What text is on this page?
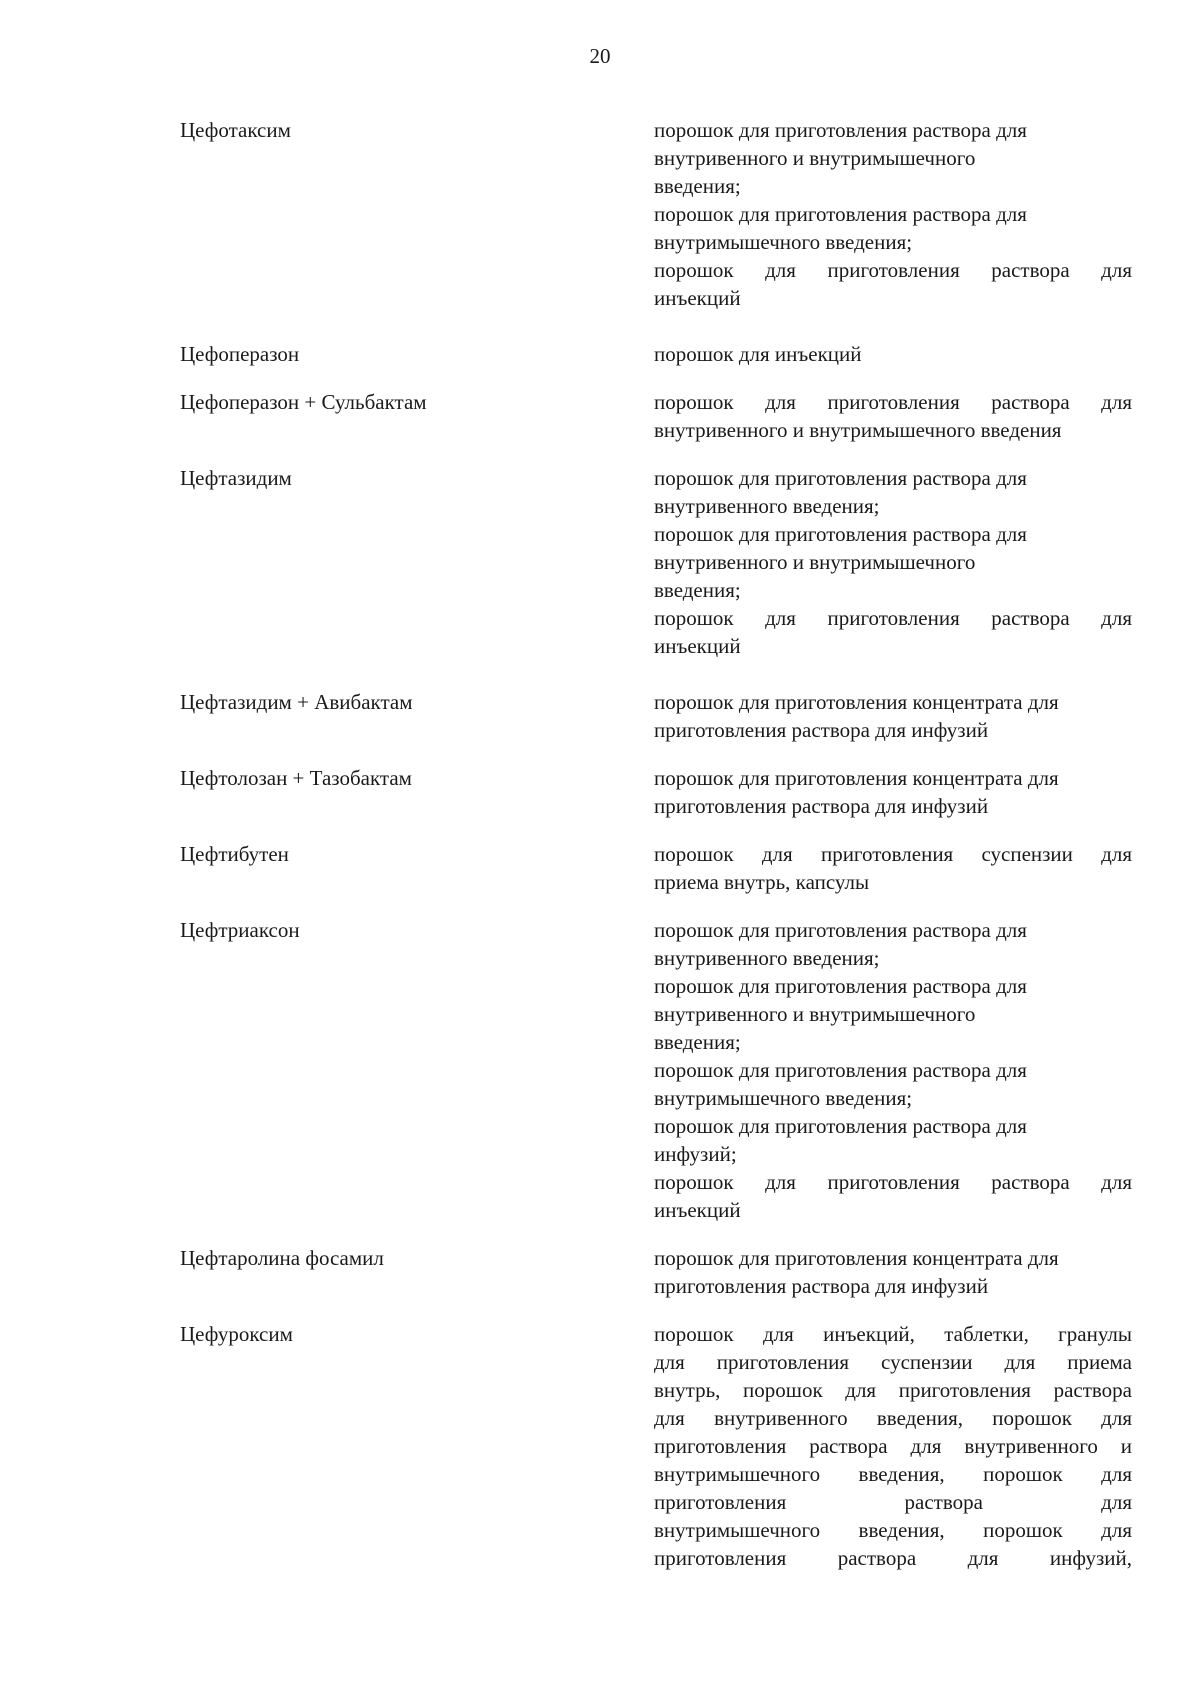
20
Цефотаксим	порошок для приготовления раствора для
внутривенного и внутримышечного
введения;
порошок для приготовления раствора для
внутримышечного введения;
порошок для приготовления раствора для
инъекций
Цефоперазон	порошок для инъекций
Цефоперазон + Сульбактам	порошок для приготовления раствора для
внутривенного и внутримышечного введения
Цефтазидим	порошок для приготовления раствора для
внутривенного введения;
порошок для приготовления раствора для
внутривенного и внутримышечного
введения;
порошок для приготовления раствора для
инъекций
Цефтазидим + Авибактам	порошок для приготовления концентрата для
приготовления раствора для инфузий
Цефтолозан + Тазобактам	порошок для приготовления концентрата для
приготовления раствора для инфузий
Цефтибутен	порошок для приготовления суспензии для
приема внутрь, капсулы
Цефтриаксон	порошок для приготовления раствора для
внутривенного введения;
порошок для приготовления раствора для
внутривенного и внутримышечного
введения;
порошок для приготовления раствора для
внутримышечного введения;
порошок для приготовления раствора для
инфузий;
порошок для приготовления раствора для
инъекций
Цефтаролина фосамил	порошок для приготовления концентрата для
приготовления раствора для инфузий
Цефуроксим	порошок для инъекций, таблетки, гранулы
для приготовления суспензии для приема
внутрь, порошок для приготовления раствора
для внутривенного введения, порошок для
приготовления раствора для внутривенного и
внутримышечного введения, порошок для
приготовления раствора для
внутримышечного введения, порошок для
приготовления раствора для инфузий,
